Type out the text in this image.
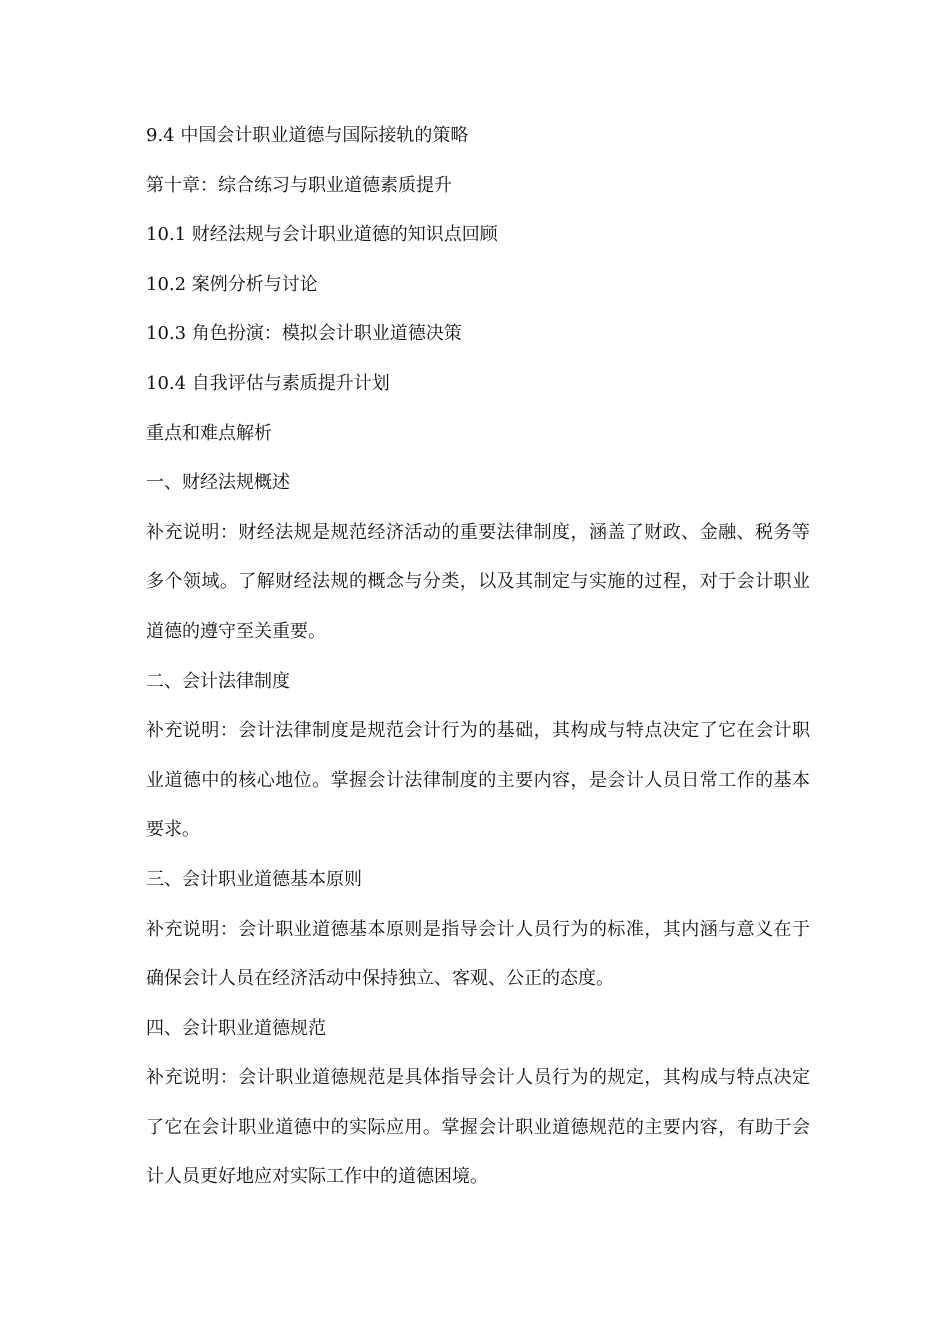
9.4 中国会计职业道德与国际接轨的策略

第十章：综合练习与职业道德素质提升

10.1 财经法规与会计职业道德的知识点回顾

10.2 案例分析与讨论

10.3 角色扮演：模拟会计职业道德决策

10.4 自我评估与素质提升计划

重点和难点解析

一、财经法规概述

补充说明：财经法规是规范经济活动的重要法律制度，涵盖了财政、金融、税务等多个领域。了解财经法规的概念与分类，以及其制定与实施的过程，对于会计职业道德的遵守至关重要。

二、会计法律制度

补充说明：会计法律制度是规范会计行为的基础，其构成与特点决定了它在会计职业道德中的核心地位。掌握会计法律制度的主要内容，是会计人员日常工作的基本要求。

三、会计职业道德基本原则

补充说明：会计职业道德基本原则是指导会计人员行为的标准，其内涵与意义在于确保会计人员在经济活动中保持独立、客观、公正的态度。

四、会计职业道德规范

补充说明：会计职业道德规范是具体指导会计人员行为的规定，其构成与特点决定了它在会计职业道德中的实际应用。掌握会计职业道德规范的主要内容，有助于会计人员更好地应对实际工作中的道德困境。
